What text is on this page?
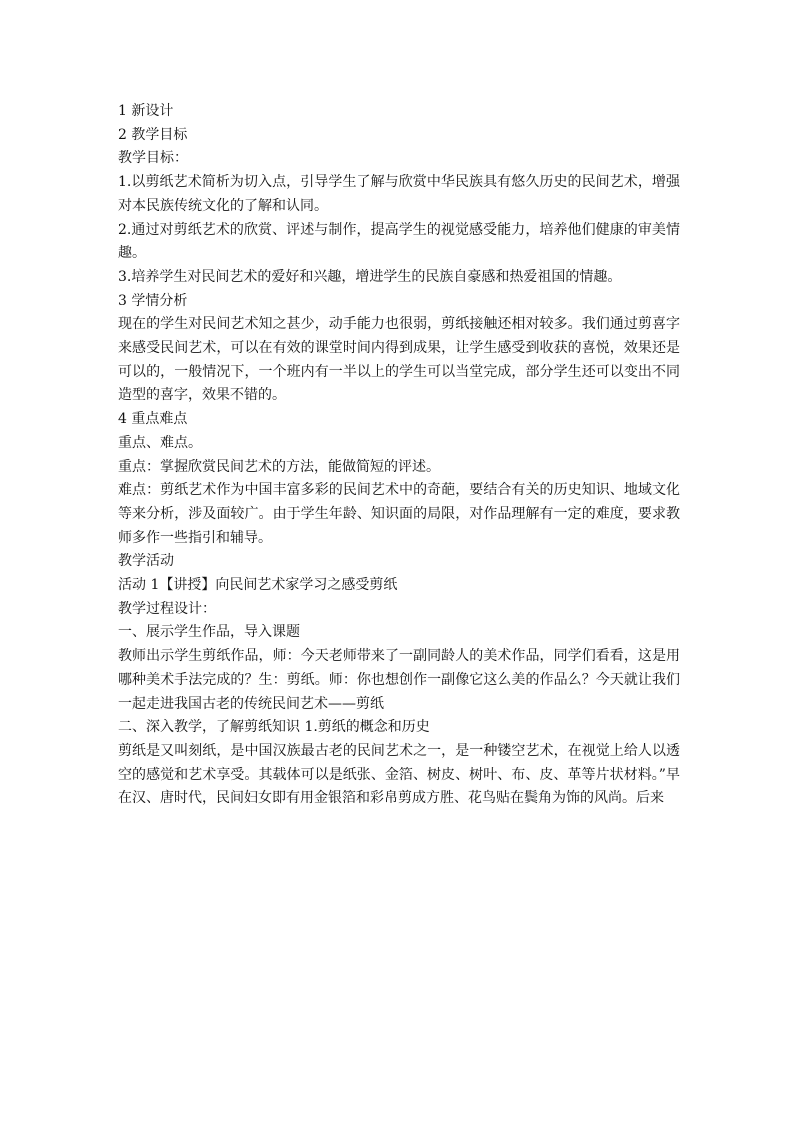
1 新设计

2 教学目标

教学目标：

1.以剪纸艺术简析为切入点，引导学生了解与欣赏中华民族具有悠久历史的民间艺术，增强对本民族传统文化的了解和认同。

2.通过对剪纸艺术的欣赏、评述与制作，提高学生的视觉感受能力，培养他们健康的审美情趣。

3.培养学生对民间艺术的爱好和兴趣，增进学生的民族自豪感和热爱祖国的情趣。

3 学情分析

现在的学生对民间艺术知之甚少，动手能力也很弱，剪纸接触还相对较多。我们通过剪喜字来感受民间艺术，可以在有效的课堂时间内得到成果，让学生感受到收获的喜悦，效果还是可以的，一般情况下，一个班内有一半以上的学生可以当堂完成，部分学生还可以变出不同造型的喜字，效果不错的。

4 重点难点

重点、难点。

重点：掌握欣赏民间艺术的方法，能做简短的评述。

难点：剪纸艺术作为中国丰富多彩的民间艺术中的奇葩，要结合有关的历史知识、地域文化等来分析，涉及面较广。由于学生年龄、知识面的局限，对作品理解有一定的难度，要求教师多作一些指引和辅导。

教学活动

活动 1【讲授】向民间艺术家学习之感受剪纸

教学过程设计：

一、展示学生作品，导入课题

教师出示学生剪纸作品，师：今天老师带来了一副同龄人的美术作品，同学们看看，这是用哪种美术手法完成的？生：剪纸。师：你也想创作一副像它这么美的作品么？今天就让我们一起走进我国古老的传统民间艺术——剪纸

二、深入教学，了解剪纸知识 1.剪纸的概念和历史

剪纸是又叫刻纸，是中国汉族最古老的民间艺术之一，是一种镂空艺术，在视觉上给人以透空的感觉和艺术享受。其载体可以是纸张、金箔、树皮、树叶、布、皮、革等片状材料。”早在汉、唐时代，民间妇女即有用金银箔和彩帛剪成方胜、花鸟贴在鬓角为饰的风尚。后来
